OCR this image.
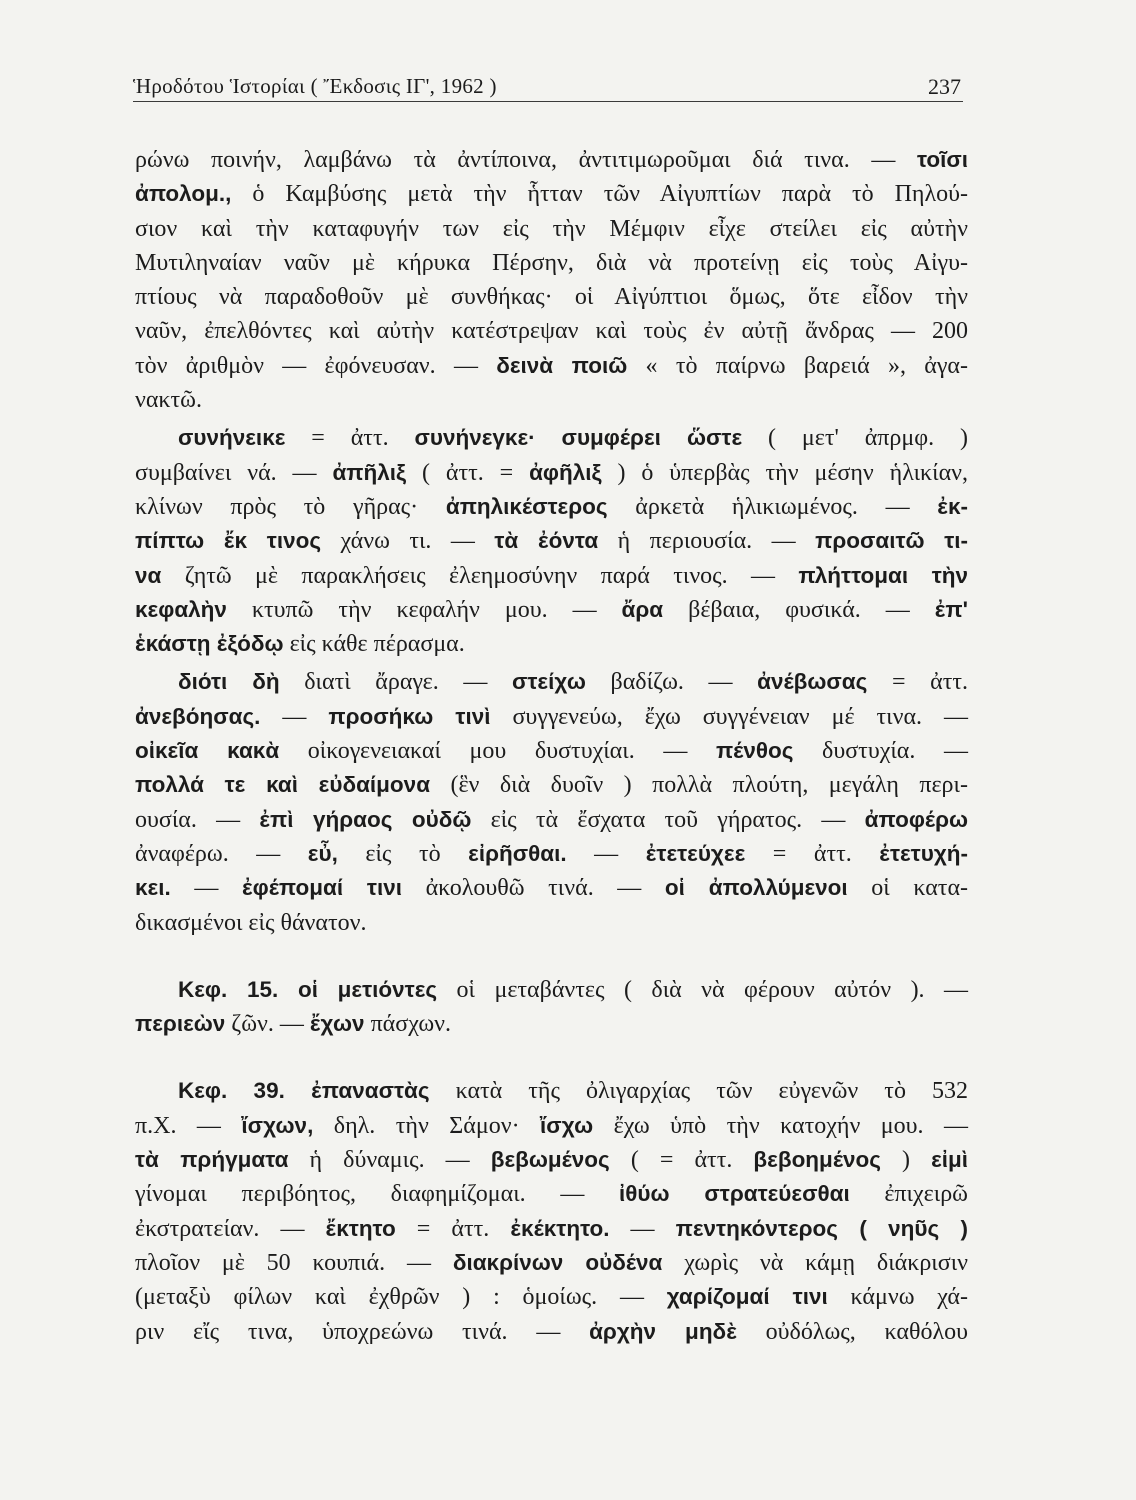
Ἡροδότου Ἱστορίαι ( Ἔκδοσις ΙΓ', 1962 )	237
ρώνω ποινήν, λαμβάνω τὰ ἀντίποινα, ἀντιτιμωροῦμαι διά τινα. — τοῖσι
ἀπολομ., ὁ Καμβύσης μετὰ τὴν ἧτταν τῶν Αἰγυπτίων παρὰ τὸ Πηλού-
σιον καὶ τὴν καταφυγήν των εἰς τὴν Μέμφιν εἶχε στείλει εἰς αὐτὴν
Μυτιληναίαν ναῦν μὲ κήρυκα Πέρσην, διὰ νὰ προτείνῃ εἰς τοὺς Αἰγυ-
πτίους νὰ παραδοθοῦν μὲ συνθήκας· οἱ Αἰγύπτιοι ὅμως, ὅτε εἶδον τὴν
ναῦν, ἐπελθόντες καὶ αὐτὴν κατέστρεψαν καὶ τοὺς ἐν αὐτῇ ἄνδρας — 200
τὸν ἀριθμὸν — ἐφόνευσαν. — δεινὰ ποιῶ « τὸ παίρνω βαρειά », ἀγα-
νακτῶ.
συνήνεικε = ἀττ. συνήνεγκε· συμφέρει ὥστε ( μετ' ἀπρμφ. )
συμβαίνει νά. — ἀπῆλιξ ( ἀττ. = ἀφῆλιξ ) ὁ ὑπερβὰς τὴν μέσην ἡλικίαν,
κλίνων πρὸς τὸ γῆρας· ἀπηλικέστερος ἀρκετὰ ἡλικιωμένος. — ἐκ-
πίπτω ἔκ τινος χάνω τι. — τὰ ἐόντα ἡ περιουσία. — προσαιτῶ τι-
να ζητῶ μὲ παρακλήσεις ἐλεημοσύνην παρά τινος. — πλήττομαι τὴν
κεφαλὴν κτυπῶ τὴν κεφαλήν μου. — ἄρα βέβαια, φυσικά. — ἐπ'
ἑκάστῃ ἐξόδῳ εἰς κάθε πέρασμα.
διότι δὴ διατὶ ἄραγε. — στείχω βαδίζω. — ἀνέβωσας = ἀττ.
ἀνεβόησας. — προσήκω τινὶ συγγενεύω, ἔχω συγγένειαν μέ τινα. —
οἰκεῖα κακὰ οἰκογενειακαί μου δυστυχίαι. — πένθος δυστυχία. —
πολλά τε καὶ εὐδαίμονα (ἓν διὰ δυοῖν ) πολλὰ πλούτη, μεγάλη περι-
ουσία. — ἐπὶ γήραος οὐδῷ εἰς τὰ ἔσχατα τοῦ γήρατος. — ἀποφέρω
ἀναφέρω. — εὖ, εἰς τὸ εἰρῆσθαι. — ἐτετεύχεε = ἀττ. ἐτετυχή-
κει. — ἐφέπομαί τινι ἀκολουθῶ τινά. — οἱ ἀπολλύμενοι οἱ κατα-
δικασμένοι εἰς θάνατον.
Κεφ. 15. οἱ μετιόντες οἱ μεταβάντες ( διὰ νὰ φέρουν αὐτόν ). —
περιεὼν ζῶν. — ἔχων πάσχων.
Κεφ. 39. ἐπαναστὰς κατὰ τῆς ὀλιγαρχίας τῶν εὐγενῶν τὸ 532
π.Χ. — ἴσχων, δηλ. τὴν Σάμον· ἴσχω ἔχω ὑπὸ τὴν κατοχήν μου. —
τὰ πρήγματα ἡ δύναμις. — βεβωμένος ( = ἀττ. βεβοημένος ) εἰμὶ
γίνομαι περιβόητος, διαφημίζομαι. — ἰθύω στρατεύεσθαι ἐπιχειρῶ
ἐκστρατείαν. — ἔκτητο = ἀττ. ἐκέκτητο. — πεντηκόντερος ( νηῦς )
πλοῖον μὲ 50 κουπιά. — διακρίνων οὐδένα χωρὶς νὰ κάμῃ διάκρισιν
(μεταξὺ φίλων καὶ ἐχθρῶν ) : ὁμοίως. — χαρίζομαί τινι κάμνω χά-
ριν εἴς τινα, ὑποχρεώνω τινά. — ἀρχὴν μηδὲ οὐδόλως, καθόλου
